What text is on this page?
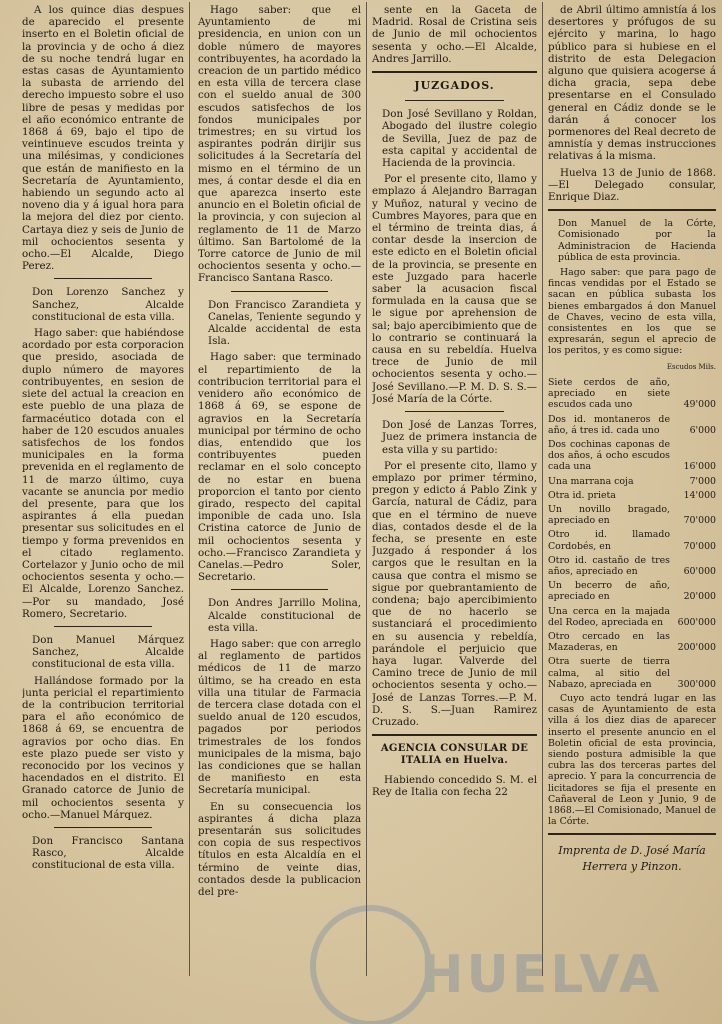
A los quince dias despues de aparecido el presente inserto en el Boletin oficial de la provincia y de ocho á diez de su noche tendrá lugar en estas casas de Ayuntamiento la subasta de arriendo del derecho impuesto sobre el uso libre de pesas y medidas por el año económico entrante de 1868 á 69, bajo el tipo de veintinueve escudos treinta y una milésimas, y condiciones que están de manifiesto en la Secretaría de Ayuntamiento, habiendo un segundo acto al noveno dia y á igual hora para la mejora del diez por ciento. Cartaya diez y seis de Junio de mil ochocientos sesenta y ocho.—El Alcalde, Diego Perez.

Don Lorenzo Sanchez y Sanchez, Alcalde constitucional de esta villa.

Hago saber: que habiéndose acordado por esta corporacion que presido, asociada de duplo número de mayores contribuyentes, en sesion de siete del actual la creacion en este pueblo de una plaza de farmacéutico dotada con el haber de 120 escudos anuales satisfechos de los fondos municipales en la forma prevenida en el reglamento de 11 de marzo último, cuya vacante se anuncia por medio del presente, para que los aspirantes á ella puedan presentar sus solicitudes en el tiempo y forma prevenidos en el citado reglamento. Cortelazor y Junio ocho de mil ochocientos sesenta y ocho.—El Alcalde, Lorenzo Sanchez.—Por su mandado, José Romero, Secretario.

Don Manuel Márquez Sanchez, Alcalde constitucional de esta villa.

Hallándose formado por la junta pericial el repartimiento de la contribucion territorial para el año económico de 1868 á 69, se encuentra de agravios por ocho dias. En este plazo puede ser visto y reconocido por los vecinos y hacendados en el distrito. El Granado catorce de Junio de mil ochocientos sesenta y ocho.—Manuel Márquez.

Don Francisco Santana Rasco, Alcalde constitucional de esta villa.

Hago saber: que el Ayuntamiento de mi presidencia, en union con un doble número de mayores contribuyentes, ha acordado la creacion de un partido médico en esta villa de tercera clase con el sueldo anual de 300 escudos satisfechos de los fondos municipales por trimestres; en su virtud los aspirantes podrán dirijir sus solicitudes á la Secretaría del mismo en el término de un mes, á contar desde el dia en que aparezca inserto este anuncio en el Boletin oficial de la provincia, y con sujecion al reglamento de 11 de Marzo último. San Bartolomé de la Torre catorce de Junio de mil ochocientos sesenta y ocho.—Francisco Santana Rasco.

Don Francisco Zarandieta y Canelas, Teniente segundo y Alcalde accidental de esta Isla.

Hago saber: que terminado el repartimiento de la contribucion territorial para el venidero año económico de 1868 á 69, se espone de agravios en la Secretaría municipal por término de ocho dias, entendido que los contribuyentes pueden reclamar en el solo concepto de no estar en buena proporcion el tanto por ciento girado, respecto del capital imponible de cada uno. Isla Cristina catorce de Junio de mil ochocientos sesenta y ocho.—Francisco Zarandieta y Canelas.—Pedro Soler, Secretario.

Don Andres Jarrillo Molina, Alcalde constitucional de esta villa.

Hago saber: que con arreglo al reglamento de partidos médicos de 11 de marzo último, se ha creado en esta villa una titular de Farmacia de tercera clase dotada con el sueldo anual de 120 escudos, pagados por periodos trimestrales de los fondos municipales de la misma, bajo las condiciones que se hallan de manifiesto en esta Secretaría municipal.

En su consecuencia los aspirantes á dicha plaza presentarán sus solicitudes con copia de sus respectivos títulos en esta Alcaldía en el término de veinte dias, contados desde la publicacion del pre-

sente en la Gaceta de Madrid. Rosal de Cristina seis de Junio de mil ochocientos sesenta y ocho.—El Alcalde, Andres Jarrillo.

JUZGADOS.

Don José Sevillano y Roldan, Abogado del ilustre colegio de Sevilla, Juez de paz de esta capital y accidental de Hacienda de la provincia.

Por el presente cito, llamo y emplazo á Alejandro Barragan y Muñoz, natural y vecino de Cumbres Mayores, para que en el término de treinta dias, á contar desde la insercion de este edicto en el Boletin oficial de la provincia, se presente en este Juzgado para hacerle saber la acusacion fiscal formulada en la causa que se le sigue por aprehension de sal; bajo apercibimiento que de lo contrario se continuará la causa en su rebeldía. Huelva trece de Junio de mil ochocientos sesenta y ocho.—José Sevillano.—P. M. D. S. S.—José María de la Córte.

Don José de Lanzas Torres, Juez de primera instancia de esta villa y su partido:

Por el presente cito, llamo y emplazo por primer término, pregon y edicto á Pablo Zink y García, natural de Cádiz, para que en el término de nueve dias, contados desde el de la fecha, se presente en este Juzgado á responder á los cargos que le resultan en la causa que contra el mismo se sigue por quebrantamiento de condena; bajo apercibimiento que de no hacerlo se sustanciará el procedimiento en su ausencia y rebeldía, parándole el perjuicio que haya lugar. Valverde del Camino trece de Junio de mil ochocientos sesenta y ocho.—José de Lanzas Torres.—P. M. D. S. S.—Juan Ramirez Cruzado.

AGENCIA CONSULAR DE ITALIA en Huelva.

Habiendo concedido S. M. el Rey de Italia con fecha 22

de Abril último amnistía á los desertores y prófugos de su ejército y marina, lo hago público para si hubiese en el distrito de esta Delegacion alguno que quisiera acogerse á dicha gracia, sepa debe presentarse en el Consulado general en Cádiz donde se le darán á conocer los pormenores del Real decreto de amnistía y demas instrucciones relativas á la misma.

Huelva 13 de Junio de 1868.—El Delegado consular, Enrique Diaz.

Don Manuel de la Córte, Comisionado por la Administracion de Hacienda pública de esta provincia.

Hago saber: que para pago de fincas vendidas por el Estado se sacan en pública subasta los bienes embargados á don Manuel de Chaves, vecino de esta villa, consistentes en los que se expresarán, segun el aprecio de los peritos, y es como sigue:

Escudos Mils.
Siete cerdos de año, apreciado en siete escudos cada uno	49'000
Dos id. montaneros de año, á tres id. cada uno	6'000
Dos cochinas caponas de dos años, á ocho escudos cada una	16'000
Una marrana coja	7'000
Otra id. prieta	14'000
Un novillo bragado, apreciado en	70'000
Otro id. llamado Cordobés, en	70'000
Otro id. castaño de tres años, apreciado en	60'000
Un becerro de año, apreciado en	20'000
Una cerca en la majada del Rodeo, apreciada en	600'000
Otro cercado en las Mazaderas, en	200'000
Otra suerte de tierra calma, al sitio del Nabazo, apreciada en	300'000

Cuyo acto tendrá lugar en las casas de Ayuntamiento de esta villa á los diez dias de aparecer inserto el presente anuncio en el Boletin oficial de esta provincia, siendo postura admisible la que cubra las dos terceras partes del aprecio. Y para la concurrencia de licitadores se fija el presente en Cañaveral de Leon y Junio, 9 de 1868.—El Comisionado, Manuel de la Córte.

Imprenta de D. José María
Herrera y Pinzon.
HUELVA
